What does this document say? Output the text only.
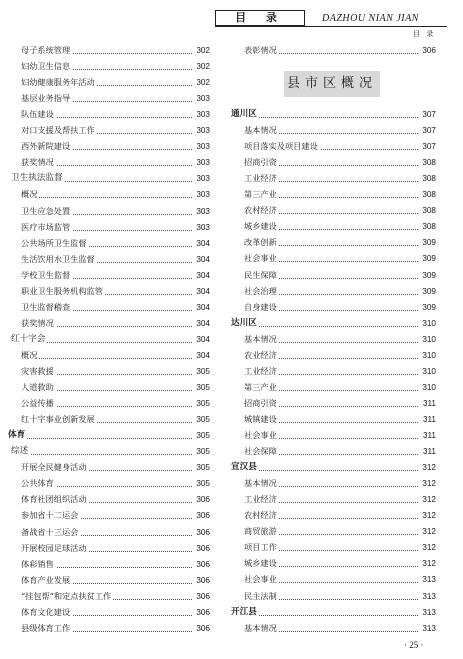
目 录	DAZHOU NIAN JIAN
目 录
县市区概况
母子系统管理	302
妇幼卫生信息	302
妇幼健康服务年活动	302
基层业务指导	303
队伍建设	303
对口支援及帮扶工作	303
西外新院建设	303
获奖情况	303
卫生执法监督	303
概况	303
卫生应急处置	303
医疗市场监管	303
公共场所卫生监督	304
生活饮用水卫生监督	304
学校卫生监督	304
职业卫生服务机构监管	304
卫生监督稽查	304
获奖情况	304
红十字会	304
概况	304
灾害救援	305
人道救助	305
公益传播	305
红十字事业创新发展	305
体育	305
综述	305
开展全民健身活动	305
公共体育	305
体育社团组织活动	306
参加省十二运会	306
备战省十三运会	306
开展校园足球活动	306
体彩销售	306
体育产业发展	306
“挂包帮”和定点扶贫工作	306
体育文化建设	306
县级体育工作	306
表彰情况	306
通川区	307
基本情况	307
项目落实及项目建设	307
招商引资	308
工业经济	308
第三产业	308
农村经济	308
城乡建设	308
改革创新	309
社会事业	309
民生保障	309
社会治理	309
自身建设	309
达川区	310
基本情况	310
农业经济	310
工业经济	310
第三产业	310
招商引资	311
城镇建设	311
社会事业	311
社会保障	311
宣汉县	312
基本情况	312
工业经济	312
农村经济	312
商贸旅游	312
项目工作	312
城乡建设	312
社会事业	313
民主法制	313
开江县	313
基本情况	313
· 25 ·
